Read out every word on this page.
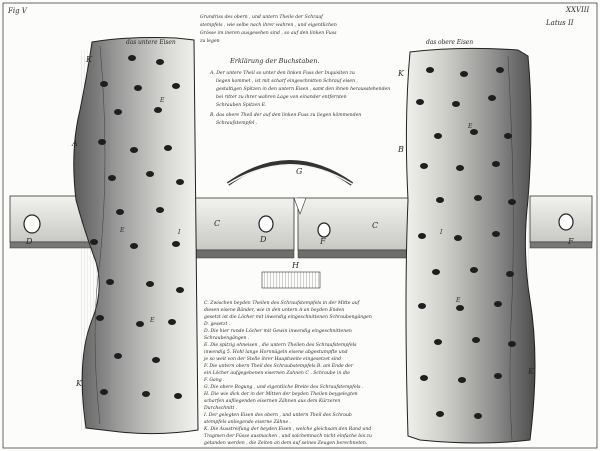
Fig V	XXVIII
Latus II
das untere Eisen	das obere Eisen
Grundriss des obern , und untern Theile der Schrauf
stempfels , wie selbe nach ihrer wahren , und eigentlichen
Grösse im ineren ausgesehen sind , so auf den linken Fuss
zu legen
Erklärung der Buchstaben.
A. Der untere Theil so unter den linken Fuss der Inquisiten zu
liegen kommet , ist mit scharf eingeschnitten Schrauf eisen ,
gestaltigen Spitzen in den untern Eisen , samt den ihnen herausstehenden
bei ritter zu ihrer wahren Lage von einander entfernten
Schrauben Spitzen E.
B. das obere Theil der auf den linken Fuss zu liegen kömmenden
Schraufstempfel .
C. Zwischen beyden Theilen des Schraufstempfels in der Mitte auf
diesen eisene Bänder, wie in den untern A an beyden Enden
gesetzt ist die Löcher mit inwendig eingeschnittenen Schraubengängen
D. gesetzt .
D. Die hier runde Löcher mit Gewin inwendig eingeschnittenen
Schraubengängen .
E. Die spitzig ohneisen , die untern Theilen des Schraufstempfels
inwendig 5. Hohl lange Hornnägeln eisene abgestumpfte und
je so weit von der Stelle ihrer Hauptweite eingesetzet sind
F. Die untern obern Theil des Schraubstempfels B. am Ende der
ein Löcher aufgegebenen eisernen Zahnen C . Schraube in die
F. Gang .
G. Die obere Bogung , und eigentliche Breite des Schraufstempfels .
H. Die wie dick der in der Mitten der beyden Theilen beygelegten
scharfen aufliegenden eisernen Zähnen aus dem Kürzeren
Durchschnitt .
I. Der gelegten Eisen des obern , und untern Theil des Schraub
stempfels anliegende eiserne Zähne .
K. Die Ausstreifung der beyden Eisen , welche gleichsam den Rand und
Tragmen der Füsse ausmachen , und solchemnach nicht einfache bis zu
getanden werden , die Zeiten an dem auf seines Zeugen berechneten.
A
B
C	C
D	D	F	F
G
H
K
K
K
K
E
E
E
E
E
I	I
